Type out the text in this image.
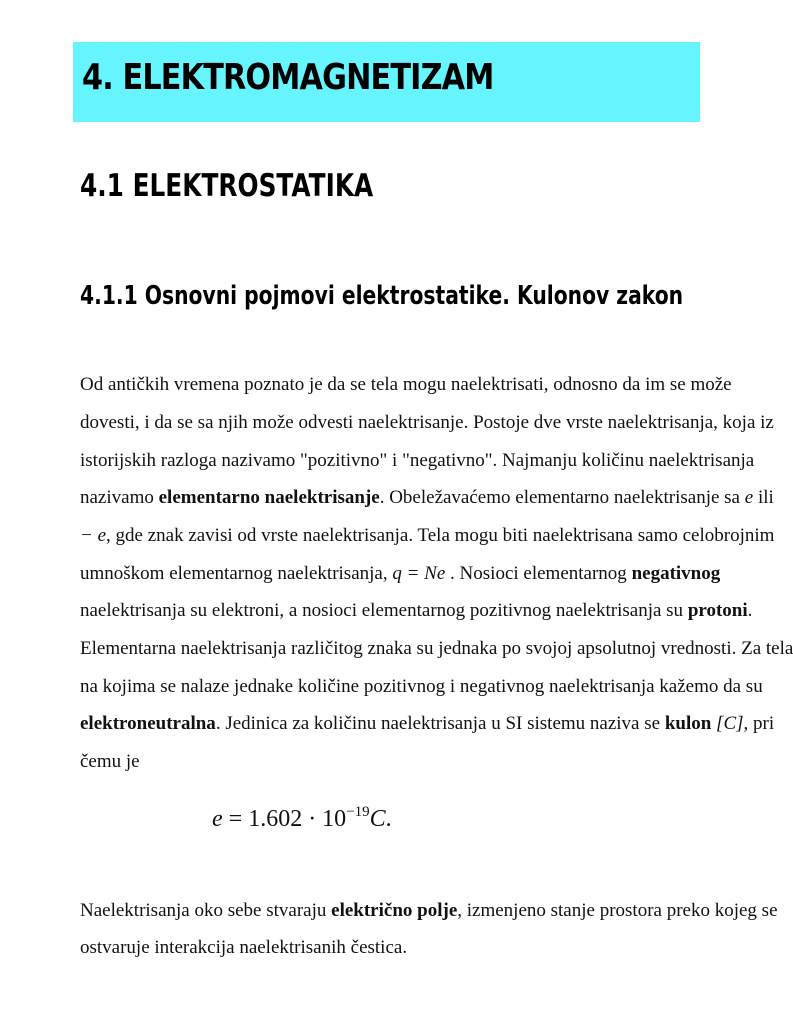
4. ELEKTROMAGNETIZAM
4.1 ELEKTROSTATIKA
4.1.1 Osnovni pojmovi elektrostatike. Kulonov zakon
Od antičkih vremena poznato je da se tela mogu naelektrisati, odnosno da im se može
dovesti, i da se sa njih može odvesti naelektrisanje. Postoje dve vrste naelektrisanja, koja iz
istorijskih razloga nazivamo "pozitivno" i "negativno". Najmanju količinu naelektrisanja
nazivamo elementarno naelektrisanje. Obeležavaćemo elementarno naelektrisanje sa e ili
− e, gde znak zavisi od vrste naelektrisanja. Tela mogu biti naelektrisana samo celobrojnim
umnoškom elementarnog naelektrisanja, q = Ne . Nosioci elementarnog negativnog
naelektrisanja su elektroni, a nosioci elementarnog pozitivnog naelektrisanja su protoni.
Elementarna naelektrisanja različitog znaka su jednaka po svojoj apsolutnoj vrednosti. Za tela
na kojima se nalaze jednake količine pozitivnog i negativnog naelektrisanja kažemo da su
elektroneutralna. Jedinica za količinu naelektrisanja u SI sistemu naziva se kulon [C], pri
čemu je
$e = 1.602 \cdot 10^{-19}C$.
Naelektrisanja oko sebe stvaraju električno polje, izmenjeno stanje prostora preko kojeg se
ostvaruje interakcija naelektrisanih čestica.
